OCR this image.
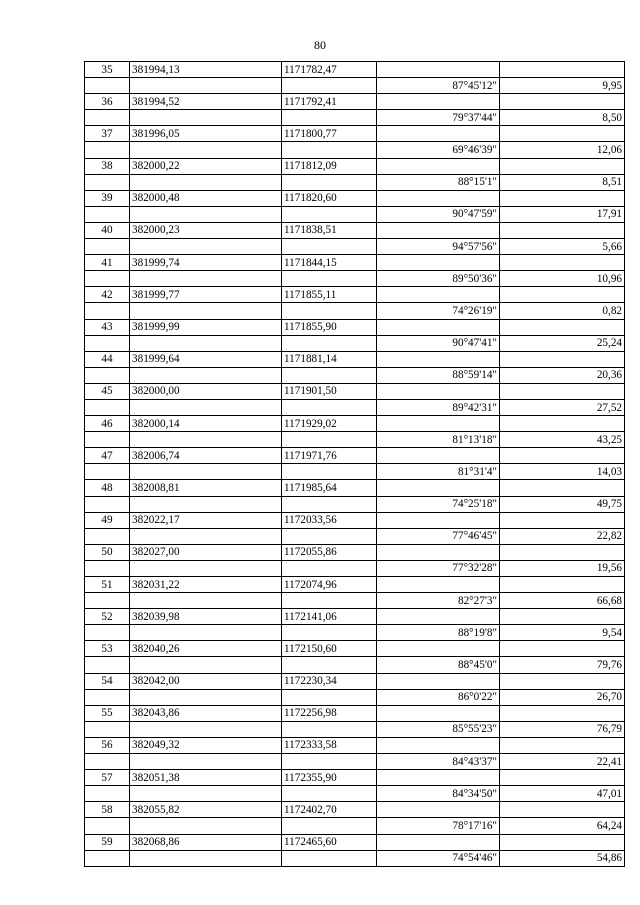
80
35	381994,13	1171782,47		
			87°45'12"	9,95
36	381994,52	1171792,41		
			79°37'44"	8,50
37	381996,05	1171800,77		
			69°46'39"	12,06
38	382000,22	1171812,09		
			88°15'1"	8,51
39	382000,48	1171820,60		
			90°47'59"	17,91
40	382000,23	1171838,51		
			94°57'56"	5,66
41	381999,74	1171844,15		
			89°50'36"	10,96
42	381999,77	1171855,11		
			74°26'19"	0,82
43	381999,99	1171855,90		
			90°47'41"	25,24
44	381999,64	1171881,14		
			88°59'14"	20,36
45	382000,00	1171901,50		
			89°42'31"	27,52
46	382000,14	1171929,02		
			81°13'18"	43,25
47	382006,74	1171971,76		
			81°31'4"	14,03
48	382008,81	1171985,64		
			74°25'18"	49,75
49	382022,17	1172033,56		
			77°46'45"	22,82
50	382027,00	1172055,86		
			77°32'28"	19,56
51	382031,22	1172074,96		
			82°27'3"	66,68
52	382039,98	1172141,06		
			88°19'8"	9,54
53	382040,26	1172150,60		
			88°45'0"	79,76
54	382042,00	1172230,34		
			86°0'22"	26,70
55	382043,86	1172256,98		
			85°55'23"	76,79
56	382049,32	1172333,58		
			84°43'37"	22,41
57	382051,38	1172355,90		
			84°34'50"	47,01
58	382055,82	1172402,70		
			78°17'16"	64,24
59	382068,86	1172465,60		
			74°54'46"	54,86
